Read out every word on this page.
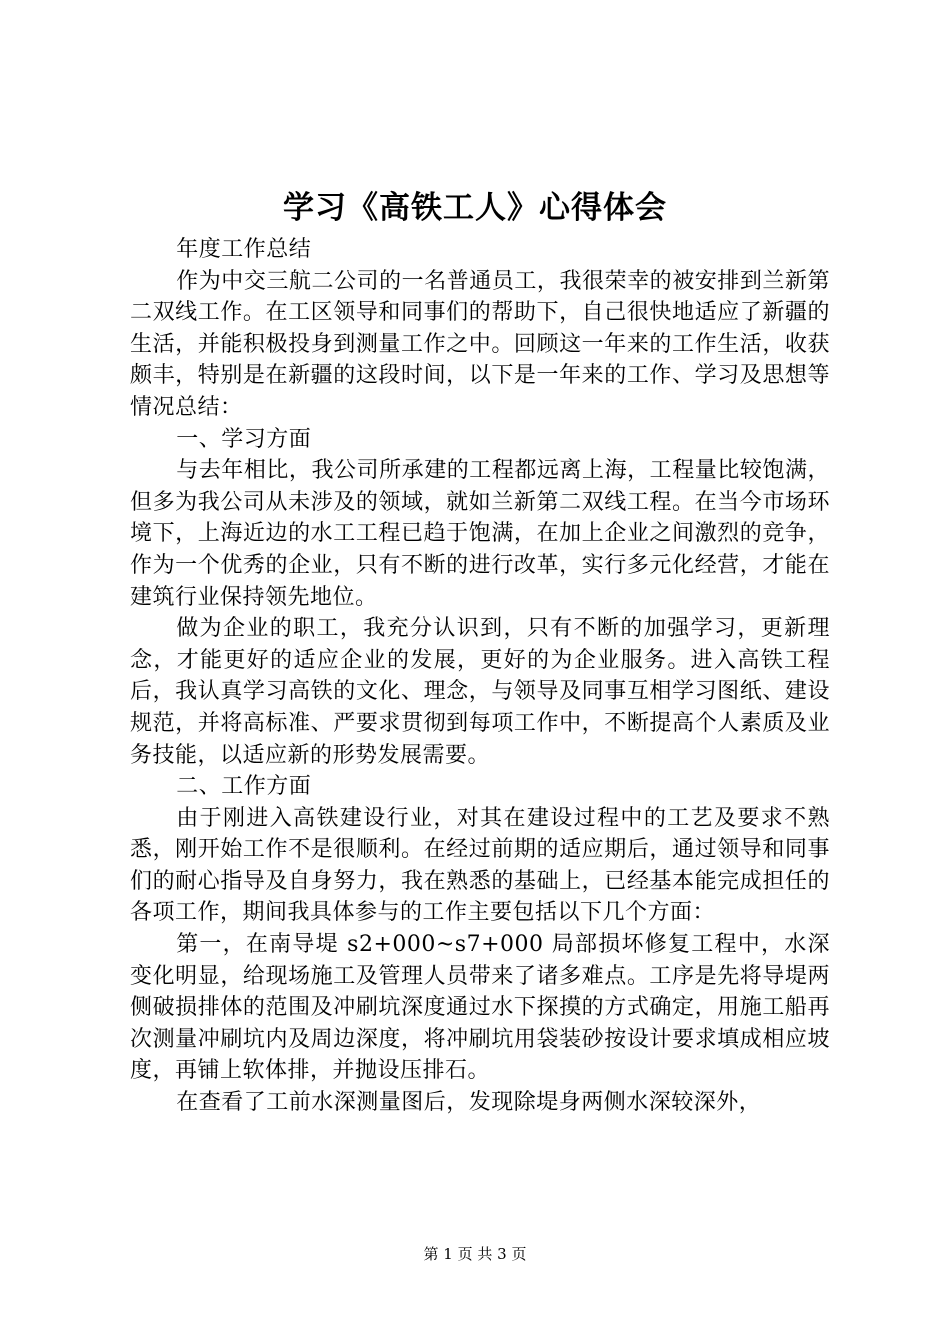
学习《高铁工人》心得体会

年度工作总结

作为中交三航二公司的一名普通员工，我很荣幸的被安排到兰新第二双线工作。在工区领导和同事们的帮助下，自己很快地适应了新疆的生活，并能积极投身到测量工作之中。回顾这一年来的工作生活，收获颇丰，特别是在新疆的这段时间，以下是一年来的工作、学习及思想等情况总结：

一、学习方面

与去年相比，我公司所承建的工程都远离上海，工程量比较饱满，但多为我公司从未涉及的领域，就如兰新第二双线工程。在当今市场环境下，上海近边的水工工程已趋于饱满，在加上企业之间激烈的竞争，作为一个优秀的企业，只有不断的进行改革，实行多元化经营，才能在建筑行业保持领先地位。

做为企业的职工，我充分认识到，只有不断的加强学习，更新理念，才能更好的适应企业的发展，更好的为企业服务。进入高铁工程后，我认真学习高铁的文化、理念，与领导及同事互相学习图纸、建设规范，并将高标准、严要求贯彻到每项工作中，不断提高个人素质及业务技能，以适应新的形势发展需要。

二、工作方面

由于刚进入高铁建设行业，对其在建设过程中的工艺及要求不熟悉，刚开始工作不是很顺利。在经过前期的适应期后，通过领导和同事们的耐心指导及自身努力，我在熟悉的基础上，已经基本能完成担任的各项工作，期间我具体参与的工作主要包括以下几个方面：

第一，在南导堤 s2+000~s7+000 局部损坏修复工程中，水深变化明显，给现场施工及管理人员带来了诸多难点。工序是先将导堤两侧破损排体的范围及冲刷坑深度通过水下探摸的方式确定，用施工船再次测量冲刷坑内及周边深度，将冲刷坑用袋装砂按设计要求填成相应坡度，再铺上软体排，并抛设压排石。

在查看了工前水深测量图后，发现除堤身两侧水深较深外，

第 1 页 共 3 页
